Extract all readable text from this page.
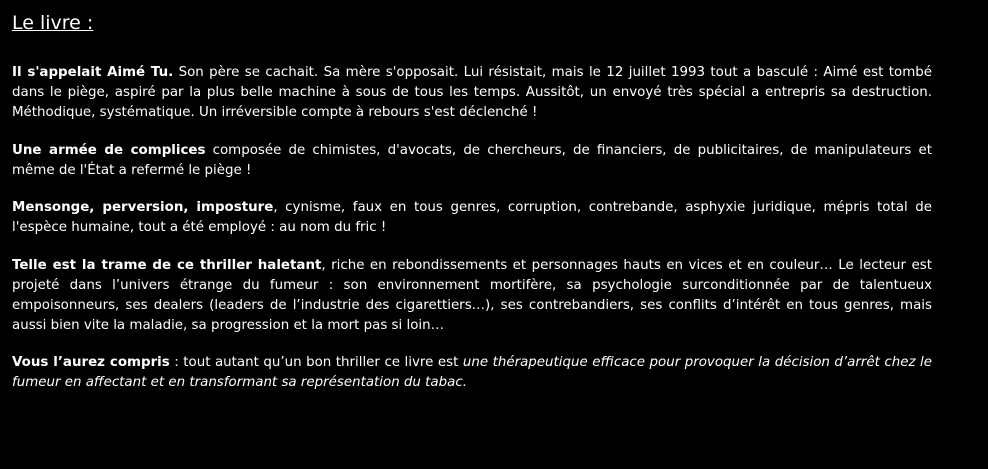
Le livre :

Il s'appelait Aimé Tu. Son père se cachait. Sa mère s'opposait. Lui résistait, mais le 12 juillet 1993 tout a basculé : Aimé est tombé dans le piège, aspiré par la plus belle machine à sous de tous les temps. Aussitôt, un envoyé très spécial a entrepris sa destruction. Méthodique, systématique. Un irréversible compte à rebours s'est déclenché !

Une armée de complices composée de chimistes, d'avocats, de chercheurs, de financiers, de publicitaires, de manipulateurs et même de l'État a refermé le piège !

Mensonge, perversion, imposture, cynisme, faux en tous genres, corruption, contrebande, asphyxie juridique, mépris total de l'espèce humaine, tout a été employé : au nom du fric !

Telle est la trame de ce thriller haletant, riche en rebondissements et personnages hauts en vices et en couleur… Le lecteur est projeté dans l’univers étrange du fumeur : son environnement mortifère, sa psychologie surconditionnée par de talentueux empoisonneurs, ses dealers (leaders de l’industrie des cigarettiers…), ses contrebandiers, ses conflits d’intérêt en tous genres, mais aussi bien vite la maladie, sa progression et la mort pas si loin…

Vous l’aurez compris : tout autant qu’un bon thriller ce livre est une thérapeutique efficace pour provoquer la décision d’arrêt chez le fumeur en affectant et en transformant sa représentation du tabac.
